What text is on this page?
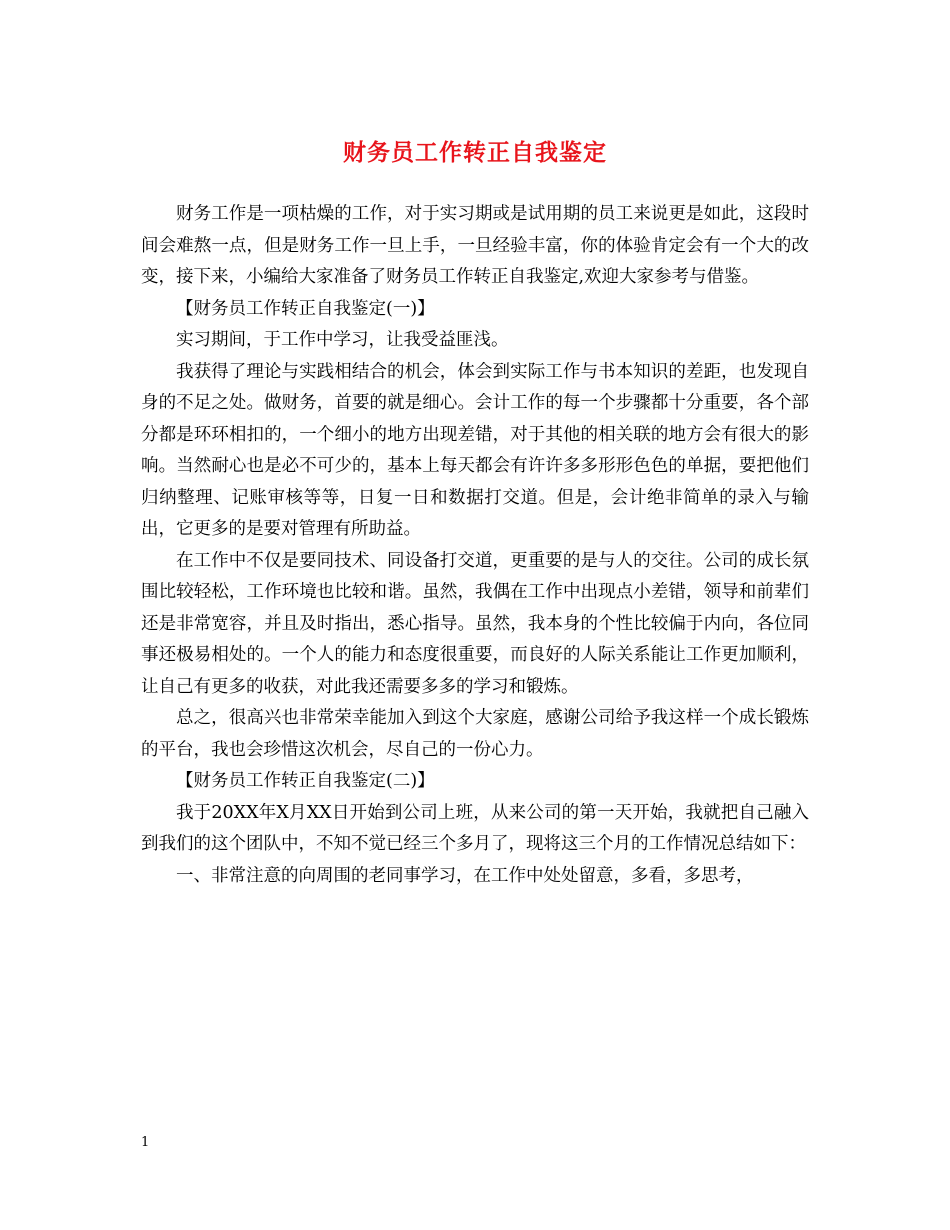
财务员工作转正自我鉴定

财务工作是一项枯燥的工作，对于实习期或是试用期的员工来说更是如此，这段时间会难熬一点，但是财务工作一旦上手，一旦经验丰富，你的体验肯定会有一个大的改变，接下来，小编给大家准备了财务员工作转正自我鉴定,欢迎大家参考与借鉴。

【财务员工作转正自我鉴定(一)】

实习期间，于工作中学习，让我受益匪浅。

我获得了理论与实践相结合的机会，体会到实际工作与书本知识的差距，也发现自身的不足之处。做财务，首要的就是细心。会计工作的每一个步骤都十分重要，各个部分都是环环相扣的，一个细小的地方出现差错，对于其他的相关联的地方会有很大的影响。当然耐心也是必不可少的，基本上每天都会有许许多多形形色色的单据，要把他们归纳整理、记账审核等等，日复一日和数据打交道。但是，会计绝非简单的录入与输出，它更多的是要对管理有所助益。

在工作中不仅是要同技术、同设备打交道，更重要的是与人的交往。公司的成长氛围比较轻松，工作环境也比较和谐。虽然，我偶在工作中出现点小差错，领导和前辈们还是非常宽容，并且及时指出，悉心指导。虽然，我本身的个性比较偏于内向，各位同事还极易相处的。一个人的能力和态度很重要，而良好的人际关系能让工作更加顺利，让自己有更多的收获，对此我还需要多多的学习和锻炼。

总之，很高兴也非常荣幸能加入到这个大家庭，感谢公司给予我这样一个成长锻炼的平台，我也会珍惜这次机会，尽自己的一份心力。

【财务员工作转正自我鉴定(二)】

我于20XX年X月XX日开始到公司上班，从来公司的第一天开始，我就把自己融入到我们的这个团队中，不知不觉已经三个多月了，现将这三个月的工作情况总结如下：

一、非常注意的向周围的老同事学习，在工作中处处留意，多看，多思考，

1
